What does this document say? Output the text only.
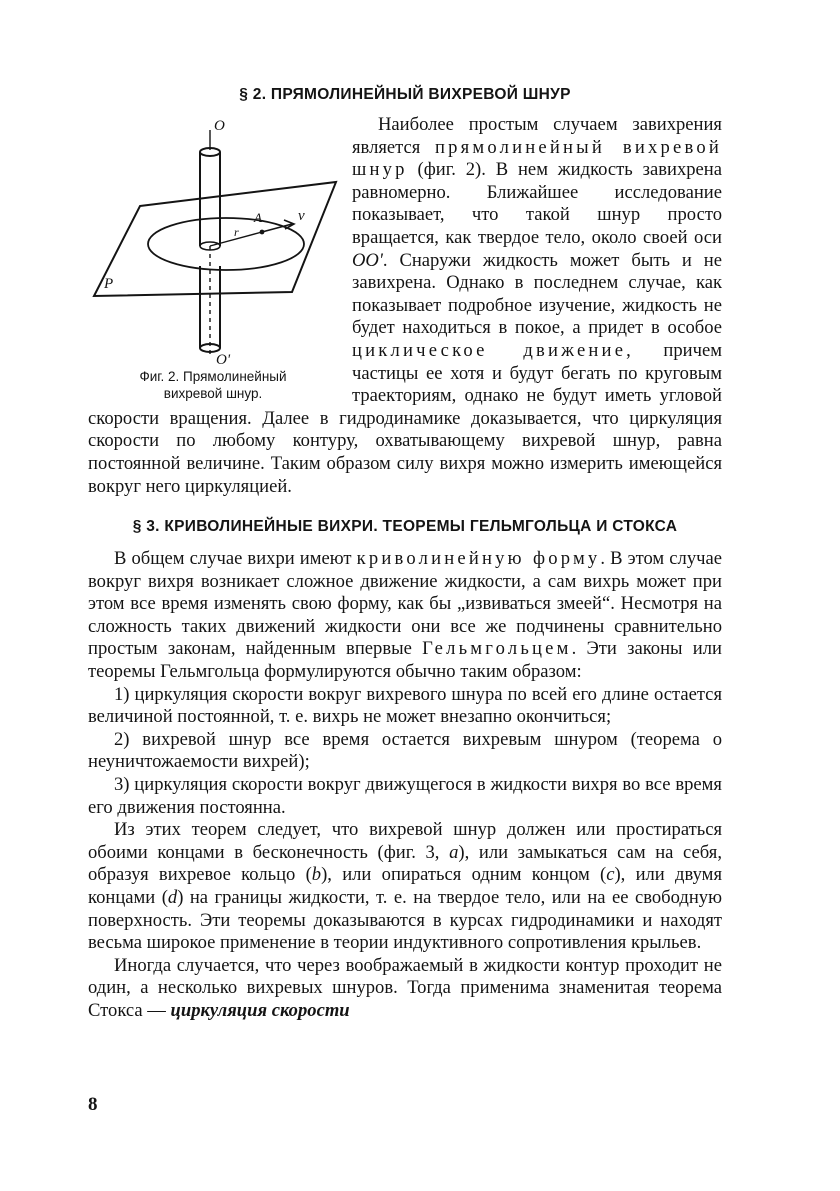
§ 2. ПРЯМОЛИНЕЙНЫЙ ВИХРЕВОЙ ШНУР
O
O'
A v
r
P
Фиг. 2. Прямолинейный
вихревой шнур.

Наиболее простым случаем завихрения является прямолинейный вихревой шнур (фиг. 2). В нем жидкость завихрена равномерно. Ближайшее исследование показывает, что такой шнур просто вращается, как твердое тело, около своей оси OO'. Снаружи жидкость может быть и не завихрена. Однако в последнем случае, как показывает подробное изучение, жидкость не будет находиться в покое, а придет в особое циклическое движение, причем частицы ее хотя и будут бегать по круговым траекториям, однако не будут иметь угловой скорости вращения. Далее в гидродинамике доказывается, что циркуляция скорости по любому контуру, охватывающему вихревой шнур, равна постоянной величине. Таким образом силу вихря можно измерить имеющейся вокруг него циркуляцией.

§ 3. КРИВОЛИНЕЙНЫЕ ВИХРИ. ТЕОРЕМЫ ГЕЛЬМГОЛЬЦА И СТОКСА

В общем случае вихри имеют криволинейную форму. В этом случае вокруг вихря возникает сложное движение жидкости, а сам вихрь может при этом все время изменять свою форму, как бы „извиваться змеей“. Несмотря на сложность таких движений жидкости они все же подчинены сравнительно простым законам, найденным впервые Гельмгольцем. Эти законы или теоремы Гельмгольца формулируются обычно таким образом:

1) циркуляция скорости вокруг вихревого шнура по всей его длине остается величиной постоянной, т. е. вихрь не может внезапно окончиться;

2) вихревой шнур все время остается вихревым шнуром (теорема о неуничтожаемости вихрей);

3) циркуляция скорости вокруг движущегося в жидкости вихря во все время его движения постоянна.

Из этих теорем следует, что вихревой шнур должен или простираться обоими концами в бесконечность (фиг. 3, a), или замыкаться сам на себя, образуя вихревое кольцо (b), или опираться одним концом (c), или двумя концами (d) на границы жидкости, т. е. на твердое тело, или на ее свободную поверхность. Эти теоремы доказываются в курсах гидродинамики и находят весьма широкое применение в теории индуктивного сопротивления крыльев.

Иногда случается, что через воображаемый в жидкости контур проходит не один, а несколько вихревых шнуров. Тогда применима знаменитая теорема Стокса — циркуляция скорости

8
